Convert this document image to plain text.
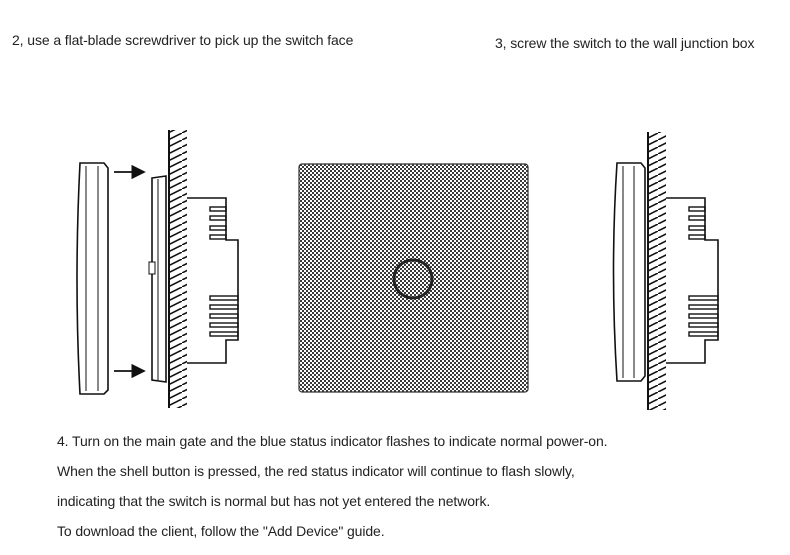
2, use a flat-blade screwdriver to pick up the switch face	3, screw the switch to the wall junction box
4. Turn on the main gate and the blue status indicator flashes to indicate normal power-on.
When the shell button is pressed, the red status indicator will continue to flash slowly,
indicating that the switch is normal but has not yet entered the network.
To download the client, follow the "Add Device" guide.
